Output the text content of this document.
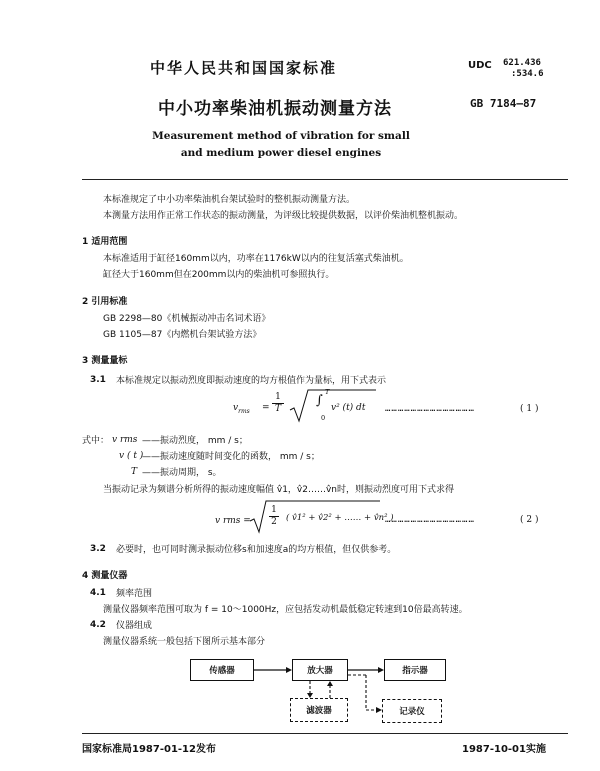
中华人民共和国国家标准	UDC 621.436
:534.6
中小功率柴油机振动测量方法	GB 7184—87
Measurement method of vibration for small
and medium power diesel engines
本标准规定了中小功率柴油机台架试验时的整机振动测量方法。
本测量方法用作正常工作状态的振动测量，为评级比较提供数据，以评价柴油机整机振动。
1 适用范围
本标准适用于缸径160mm以内，功率在1176kW以内的往复活塞式柴油机。
缸径大于160mm但在200mm以内的柴油机可参照执行。
2 引用标准
GB 2298—80《机械振动冲击名词术语》
GB 1105—87《内燃机台架试验方法》
3 测量量标
3.1 本标准规定以振动烈度即振动速度的均方根值作为量标，用下式表示
$v_{rms} = \frac{1}{T}$ ∫
T
0
v² (t) dt ……………………………………	( 1 )
式中： v rms ——振动烈度， mm / s；
v ( t )
——振动速度随时间变化的函数， mm / s；
T ——振动周期， s。
当振动记录为频谱分析所得的振动速度幅值 v̂1，v̂2……v̂n时，则振动烈度可用下式求得
v rms = $\frac{1}{2}$ ( v̂1² + v̂2² + …… + v̂n² )
……………………………………	( 2 )
3.2 必要时，也可同时测录振动位移s和加速度a的均方根值，但仅供参考。
4 测量仪器
4.1 频率范围
测量仪器频率范围可取为 f = 10～1000Hz，应包括发动机最低稳定转速到10倍最高转速。
4.2 仪器组成
测量仪器系统一般包括下图所示基本部分
传感器	放大器	指示器
滤波器	记录仪
国家标准局1987-01-12发布	1987-10-01实施
